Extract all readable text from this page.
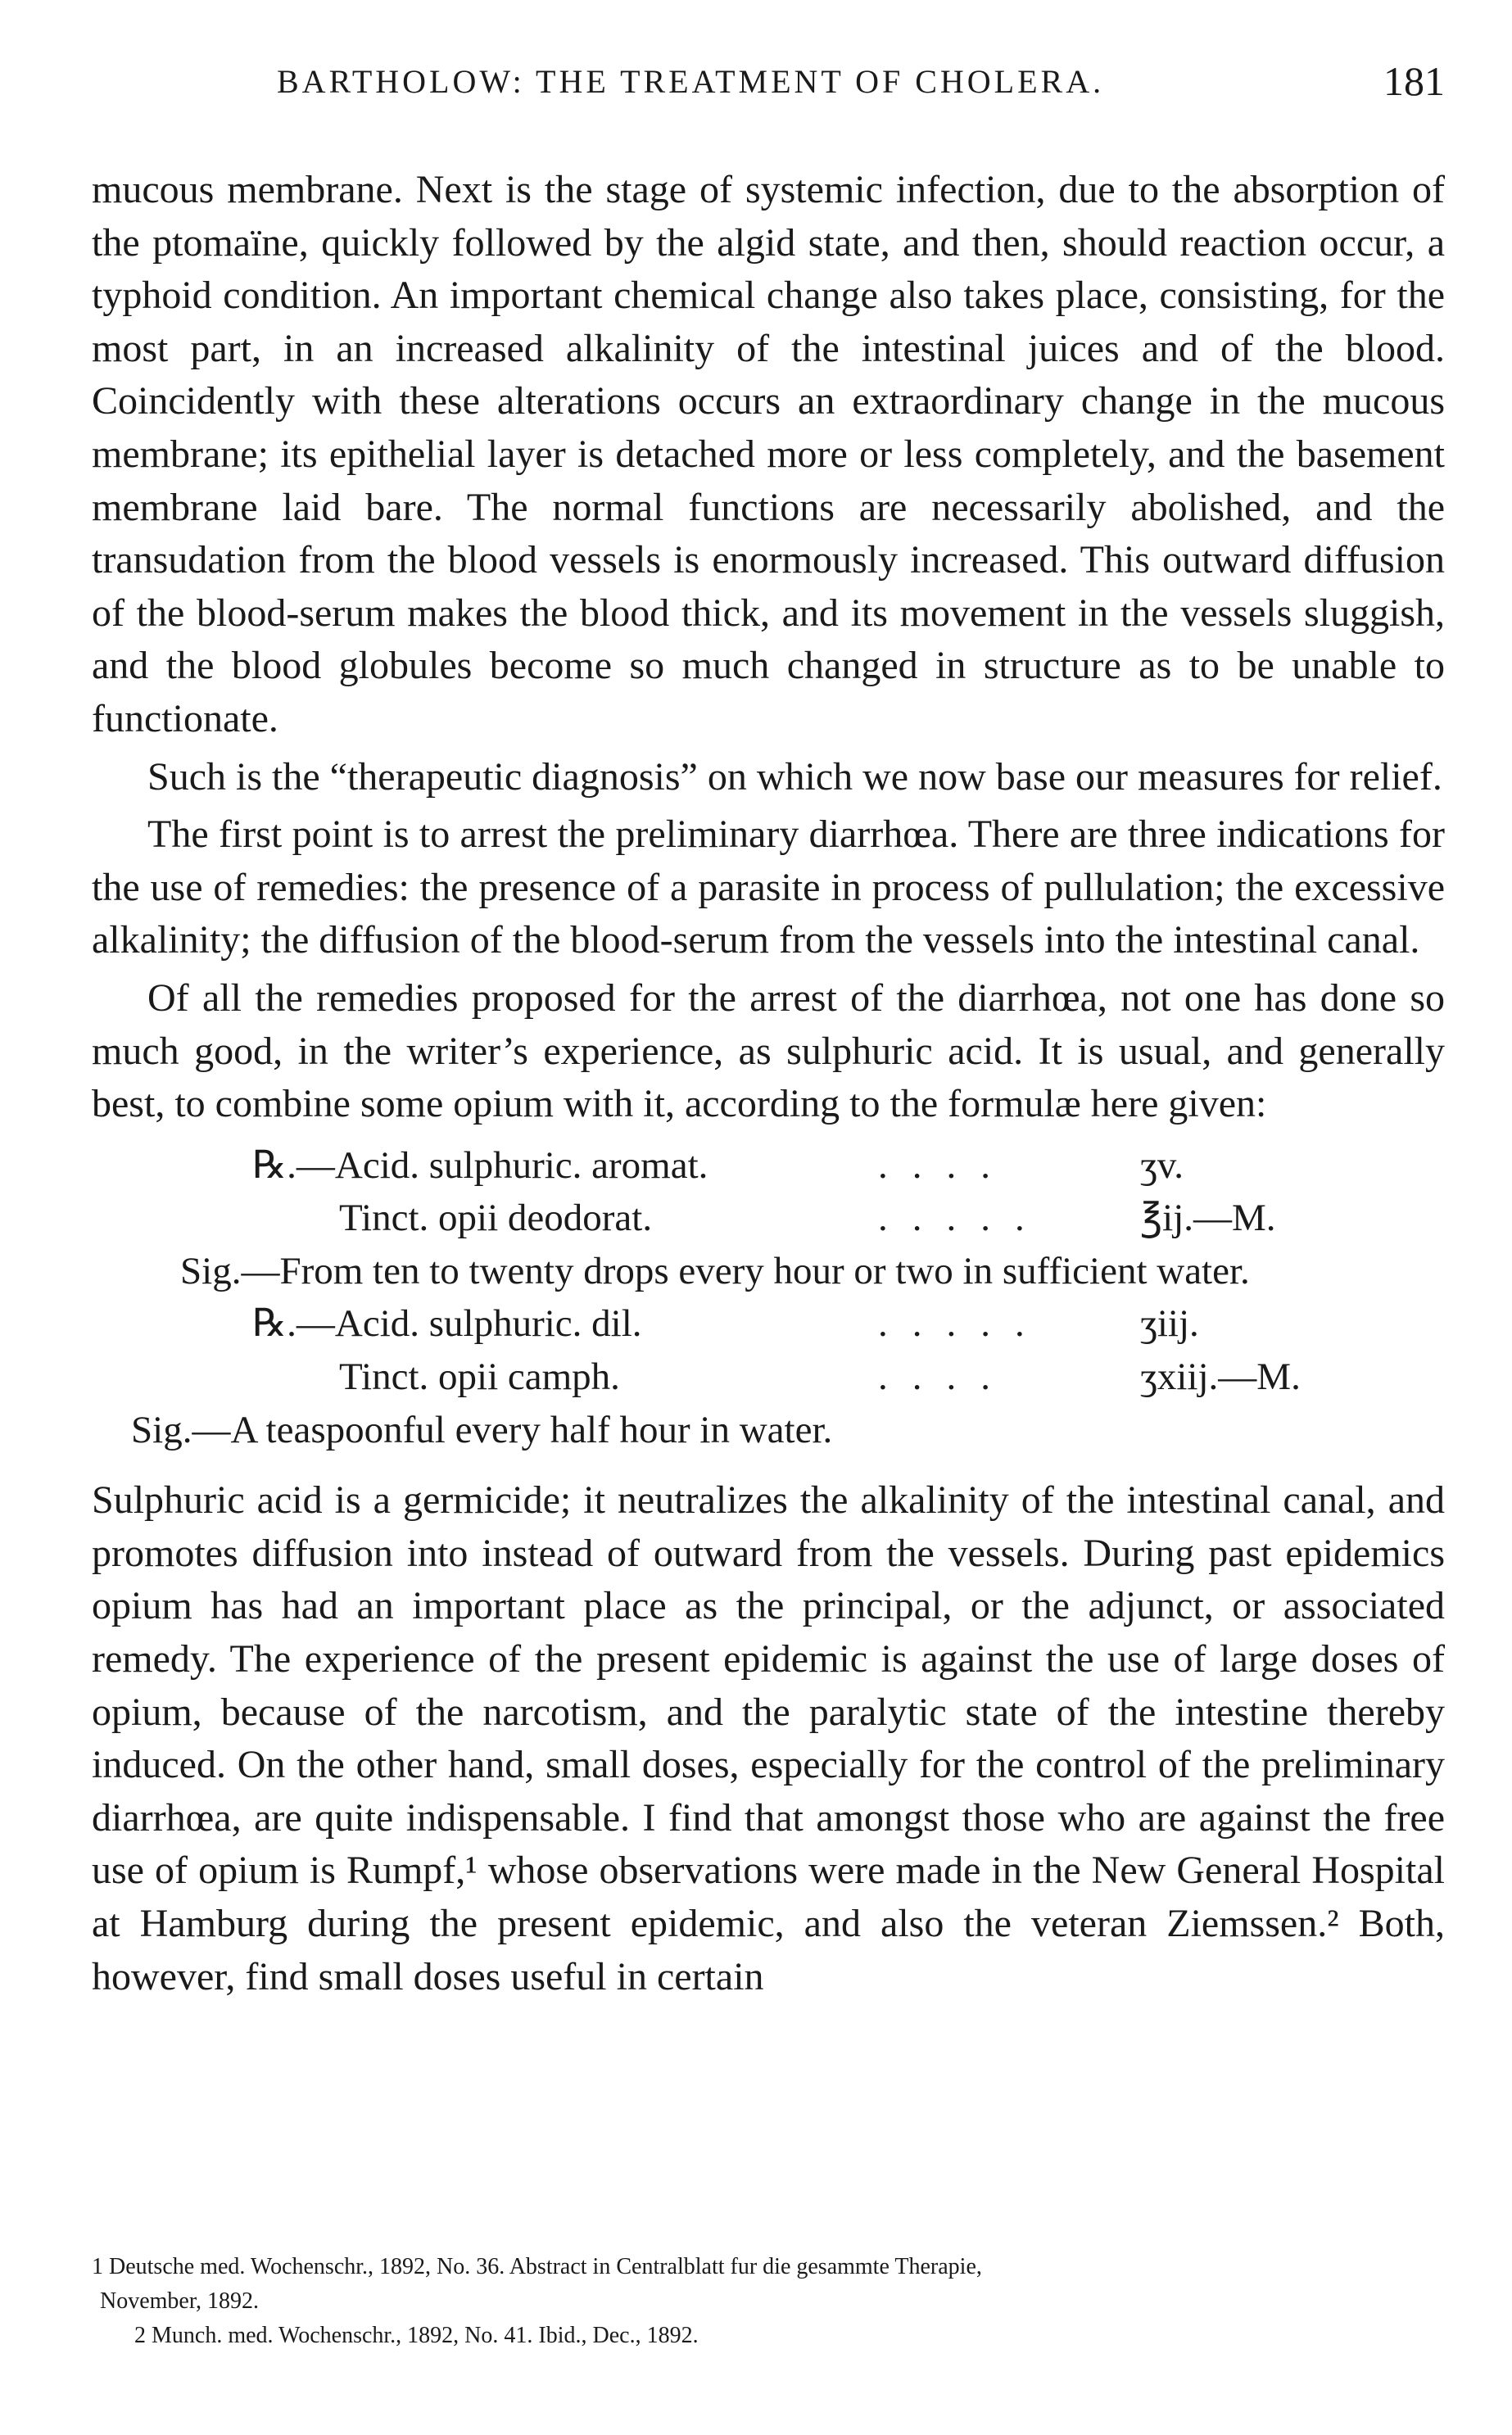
BARTHOLOW: THE TREATMENT OF CHOLERA.	181

mucous membrane. Next is the stage of systemic infection, due to the absorption of the ptomaïne, quickly followed by the algid state, and then, should reaction occur, a typhoid condition. An important chemical change also takes place, consisting, for the most part, in an increased alkalinity of the intestinal juices and of the blood. Coincidently with these alterations occurs an extraordinary change in the mucous membrane; its epithelial layer is detached more or less completely, and the basement membrane laid bare. The normal functions are necessarily abolished, and the transudation from the blood vessels is enormously increased. This outward diffusion of the blood-serum makes the blood thick, and its movement in the vessels sluggish, and the blood globules become so much changed in structure as to be unable to functionate.

Such is the “therapeutic diagnosis” on which we now base our measures for relief.

The first point is to arrest the preliminary diarrhœa. There are three indications for the use of remedies: the presence of a parasite in process of pullulation; the excessive alkalinity; the diffusion of the blood-serum from the vessels into the intestinal canal.

Of all the remedies proposed for the arrest of the diarrhœa, not one has done so much good, in the writer’s experience, as sulphuric acid. It is usual, and generally best, to combine some opium with it, according to the formulæ here given:

℞.—Acid. sulphuric. aromat.	....	ʒv.
Tinct. opii deodorat.	..... ℥ij.—M.
Sig.—From ten to twenty drops every hour or two in sufficient water.
℞.—Acid. sulphuric. dil.	..... ʒiij.
Tinct. opii camph.	....	ʒxiij.—M.
Sig.—A teaspoonful every half hour in water.

Sulphuric acid is a germicide; it neutralizes the alkalinity of the intestinal canal, and promotes diffusion into instead of outward from the vessels. During past epidemics opium has had an important place as the principal, or the adjunct, or associated remedy. The experience of the present epidemic is against the use of large doses of opium, because of the narcotism, and the paralytic state of the intestine thereby induced. On the other hand, small doses, especially for the control of the preliminary diarrhœa, are quite indispensable. I find that amongst those who are against the free use of opium is Rumpf,¹ whose observations were made in the New General Hospital at Hamburg during the present epidemic, and also the veteran Ziemssen.² Both, however, find small doses useful in certain

1 Deutsche med. Wochenschr., 1892, No. 36. Abstract in Centralblatt fur die gesammte Therapie,

November, 1892.

2 Munch. med. Wochenschr., 1892, No. 41. Ibid., Dec., 1892.
